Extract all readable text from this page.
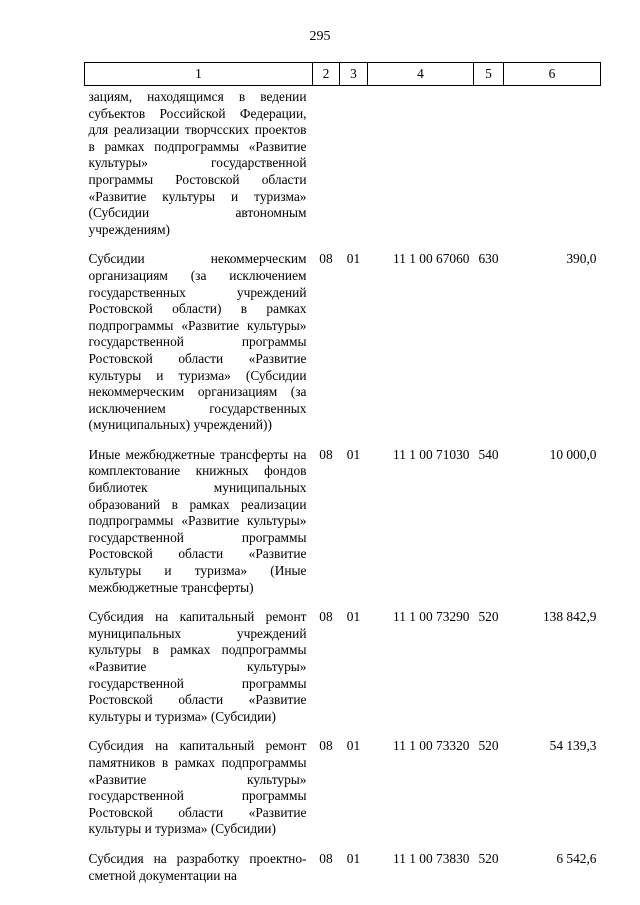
295
1	2	3	4	5	6
зациям, находящимся в ведении субъектов Российской Федерации, для реализации творчсских проектов в рамках подпрограммы «Развитие культуры» государственной программы Ростовской области «Развитие культуры и туризма» (Субсидии автономным учреждениям)					
Субсидии некоммерческим организациям (за исключением государственных учреждений Ростовской области) в рамках подпрограммы «Развитие культуры» государственной программы Ростовской области «Развитие культуры и туризма» (Субсидии некоммерческим организациям (за исключением государственных (муниципальных) учреждений))	08	01	11 1 00 67060	630	390,0
Иные межбюджетные трансферты на комплектование книжных фондов библиотек муниципальных образований в рамках реализации подпрограммы «Развитие культуры» государственной программы Ростовской области «Развитие культуры и туризма» (Иные межбюджетные трансферты)	08	01	11 1 00 71030	540	10 000,0
Субсидия на капитальный ремонт муниципальных учреждений культуры в рамках подпрограммы «Развитие культуры» государственной программы Ростовской области «Развитие культуры и туризма» (Субсидии)	08	01	11 1 00 73290	520	138 842,9
Субсидия на капитальный ремонт памятников в рамках подпрограммы «Развитие культуры» государственной программы Ростовской области «Развитие культуры и туризма» (Субсидии)	08	01	11 1 00 73320	520	54 139,3
Субсидия на разработку проектно-сметной документации на	08	01	11 1 00 73830	520	6 542,6
